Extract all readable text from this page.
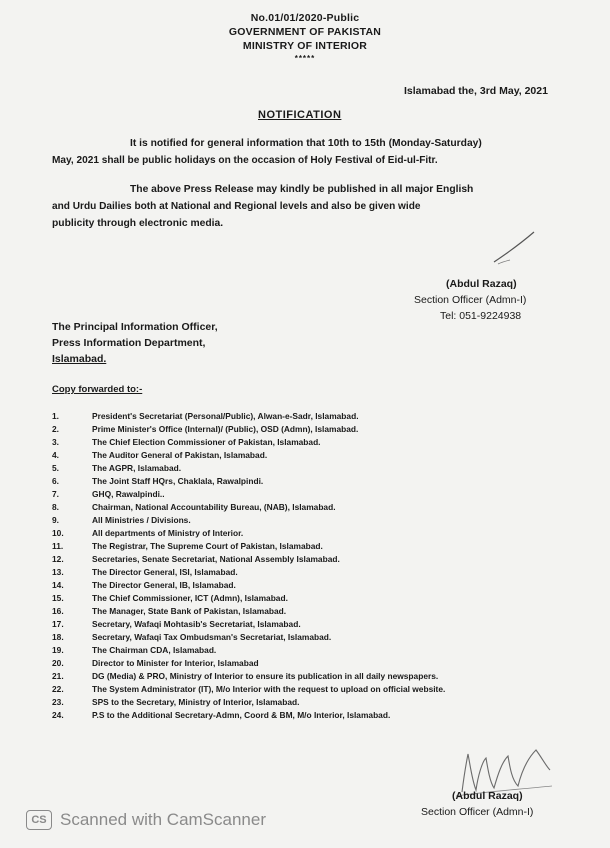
No.01/01/2020-Public
GOVERNMENT OF PAKISTAN
MINISTRY OF INTERIOR
*****
Islamabad the, 3rd May, 2021
NOTIFICATION
It is notified for general information that 10th to 15th (Monday-Saturday)
May, 2021 shall be public holidays on the occasion of Holy Festival of Eid-ul-Fitr.
The above Press Release may kindly be published in all major English
and Urdu Dailies both at National and Regional levels and also be given wide
publicity through electronic media.
(Abdul Razaq)
Section Officer (Admn-I)
Tel: 051-9224938
The Principal Information Officer,
Press Information Department,
Islamabad.
Copy forwarded to:-
1.	President's Secretariat (Personal/Public), Alwan-e-Sadr, Islamabad.
2.	Prime Minister's Office (Internal)/ (Public), OSD (Admn), Islamabad.
3.	The Chief Election Commissioner of Pakistan, Islamabad.
4.	The Auditor General of Pakistan, Islamabad.
5.	The AGPR, Islamabad.
6.	The Joint Staff HQrs, Chaklala, Rawalpindi.
7.	GHQ, Rawalpindi..
8.	Chairman, National Accountability Bureau, (NAB), Islamabad.
9.	All Ministries / Divisions.
10.	All departments of Ministry of Interior.
11.	The Registrar, The Supreme Court of Pakistan, Islamabad.
12.	Secretaries, Senate Secretariat, National Assembly Islamabad.
13.	The Director General, ISI, Islamabad.
14.	The Director General, IB, Islamabad.
15.	The Chief Commissioner, ICT (Admn), Islamabad.
16.	The Manager, State Bank of Pakistan, Islamabad.
17.	Secretary, Wafaqi Mohtasib's Secretariat, Islamabad.
18.	Secretary, Wafaqi Tax Ombudsman's Secretariat, Islamabad.
19.	The Chairman CDA, Islamabad.
20.	Director to Minister for Interior, Islamabad
21.	DG (Media) & PRO, Ministry of Interior to ensure its publication in all daily newspapers.
22.	The System Administrator (IT), M/o Interior with the request to upload on official website.
23.	SPS to the Secretary, Ministry of Interior, Islamabad.
24.	P.S to the Additional Secretary-Admn, Coord & BM, M/o Interior, Islamabad.
(Abdul Razaq)
Section Officer (Admn-I)
CS Scanned with CamScanner
